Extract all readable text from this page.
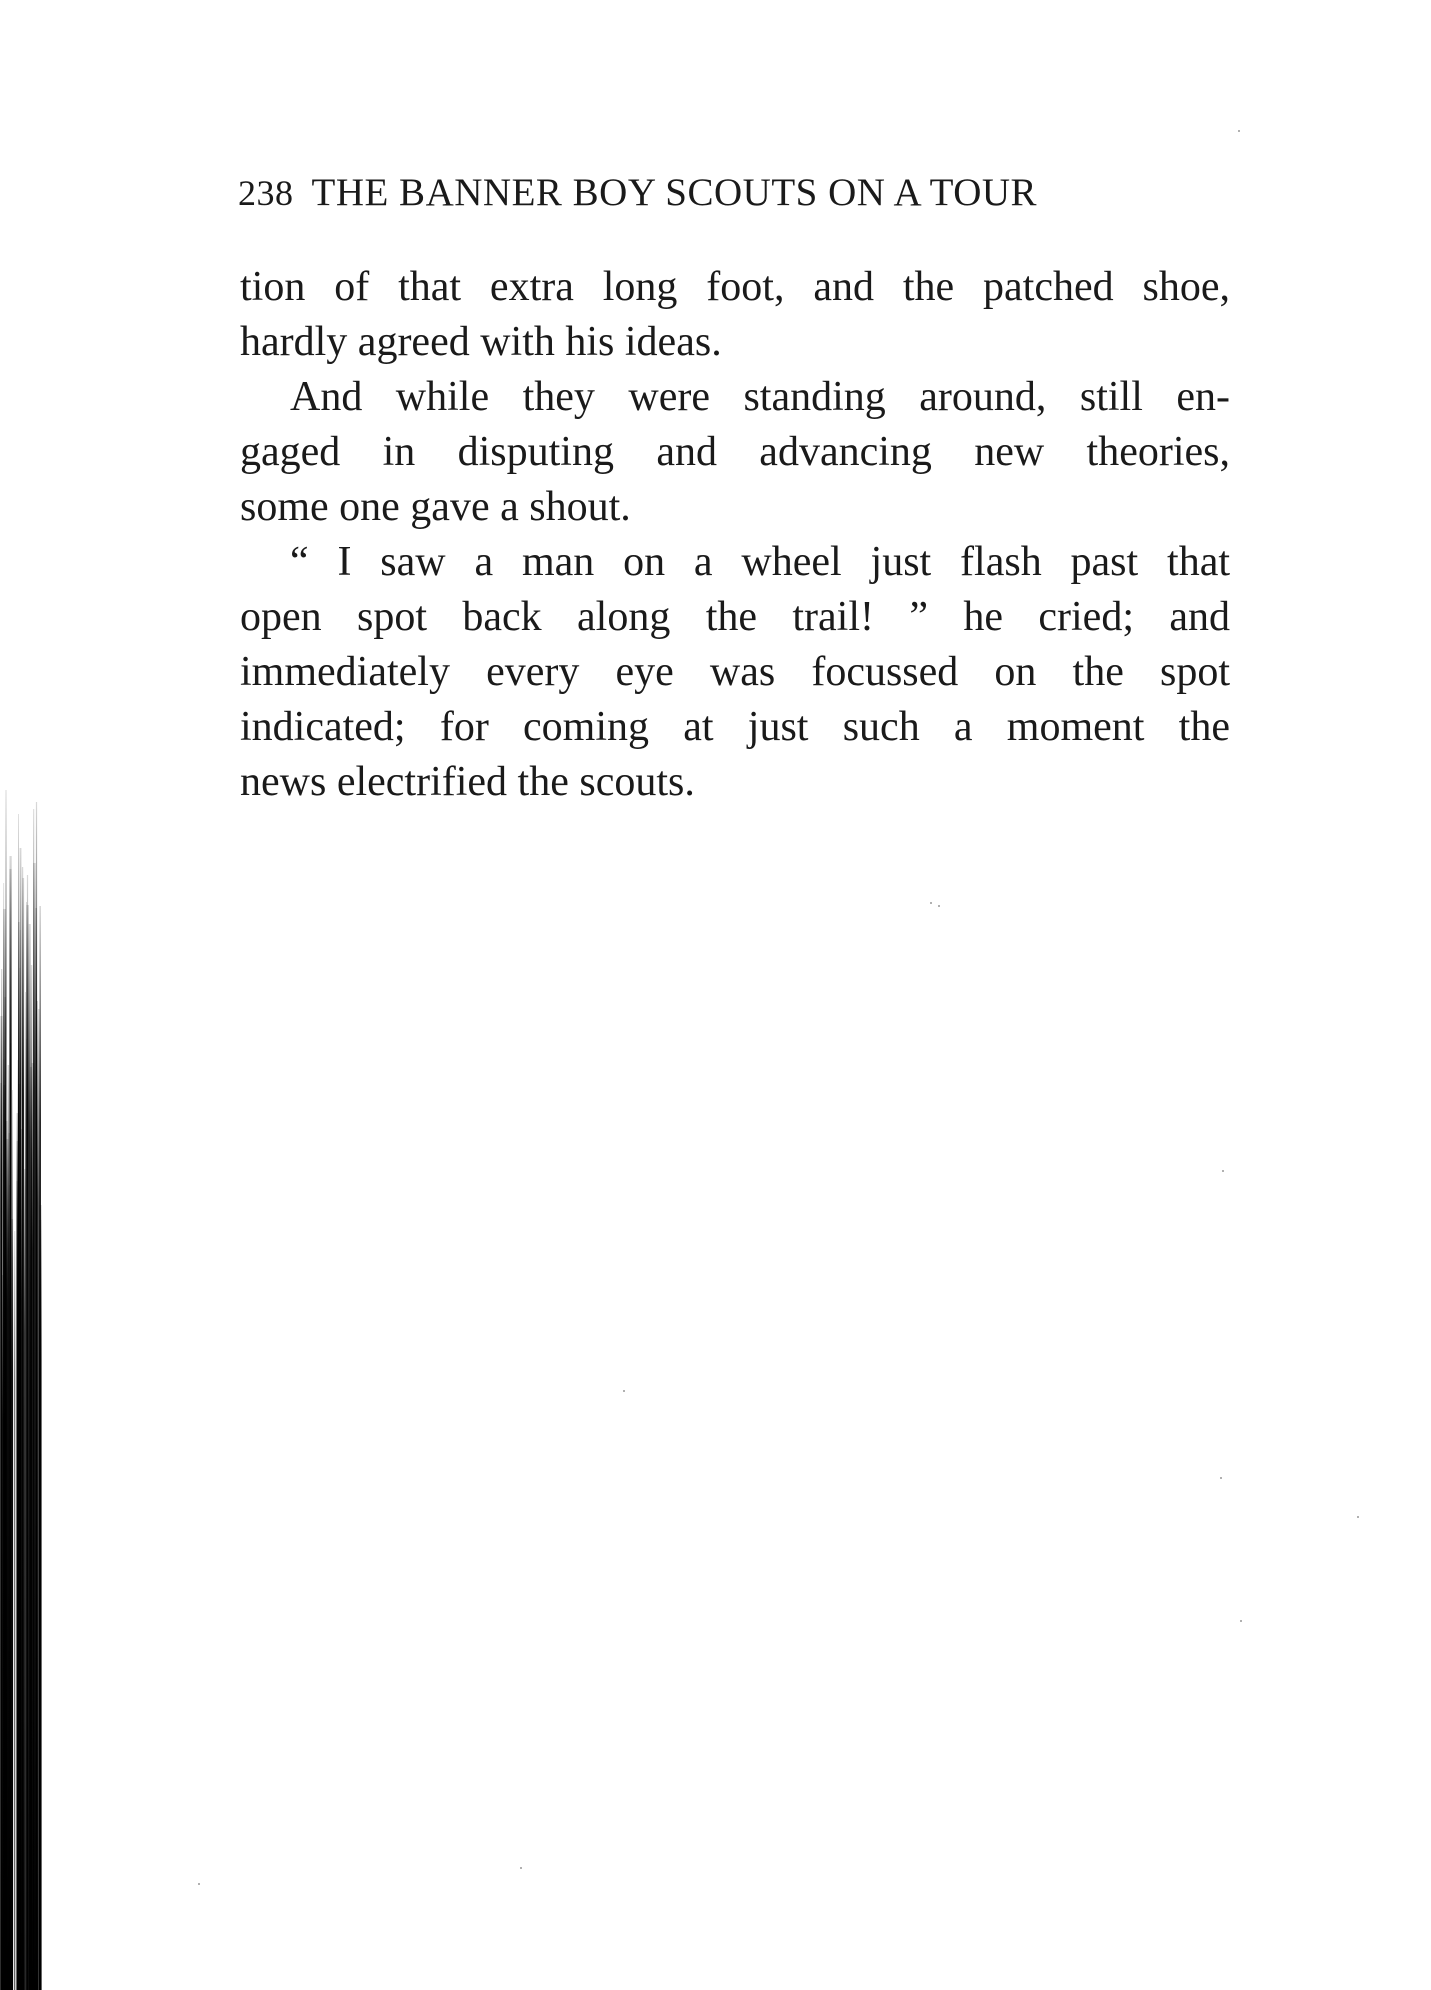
238 THE BANNER BOY SCOUTS ON A TOUR
tion of that extra long foot, and the patched shoe,
hardly agreed with his ideas.
And while they were standing around, still en-
gaged in disputing and advancing new theories,
some one gave a shout.
“ I saw a man on a wheel just flash past that
open spot back along the trail! ” he cried; and
immediately every eye was focussed on the spot
indicated; for coming at just such a moment the
news electrified the scouts.
